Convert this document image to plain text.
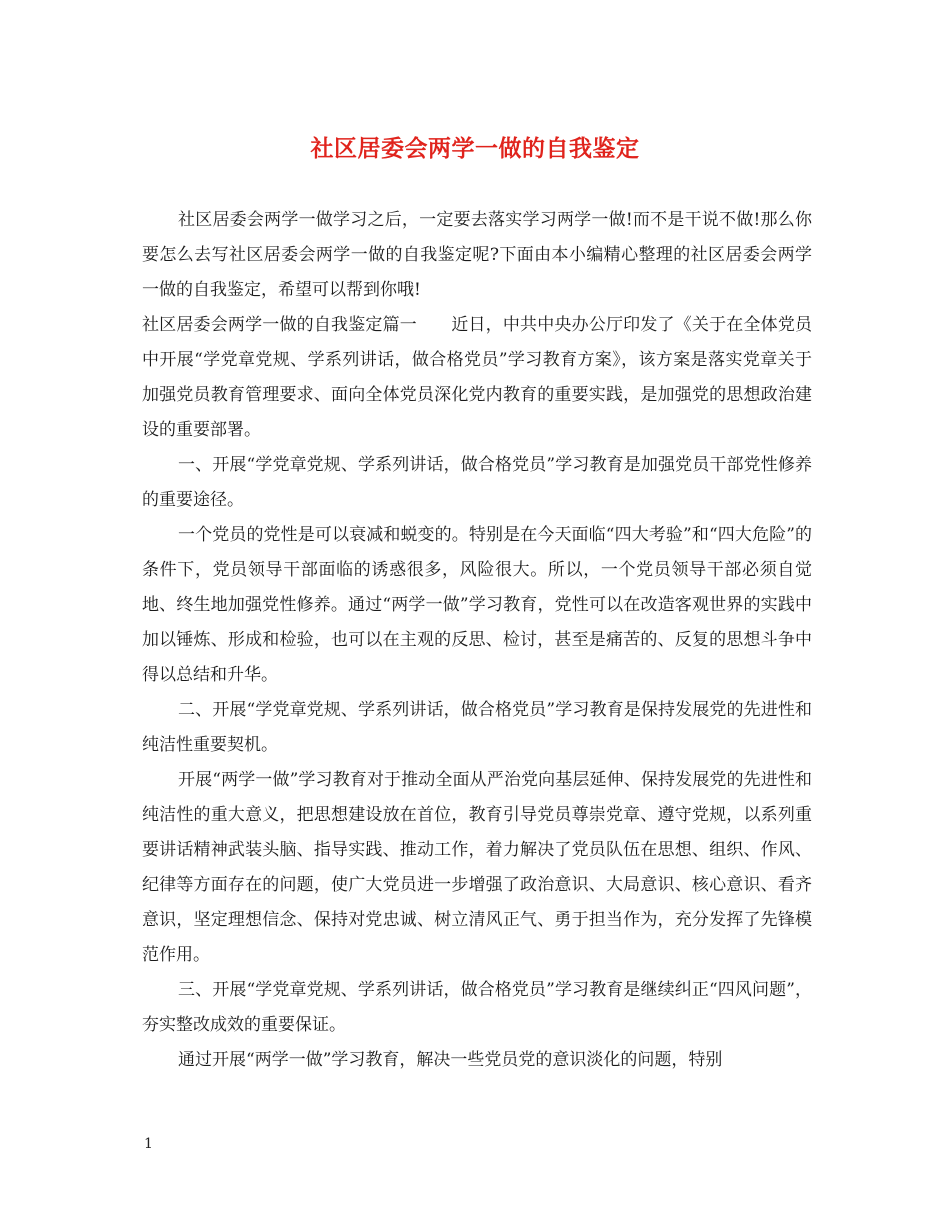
社区居委会两学一做的自我鉴定

社区居委会两学一做学习之后，一定要去落实学习两学一做!而不是干说不做!那么你要怎么去写社区居委会两学一做的自我鉴定呢?下面由本小编精心整理的社区居委会两学一做的自我鉴定，希望可以帮到你哦!

社区居委会两学一做的自我鉴定篇一　　近日，中共中央办公厅印发了《关于在全体党员中开展“学党章党规、学系列讲话，做合格党员”学习教育方案》，该方案是落实党章关于加强党员教育管理要求、面向全体党员深化党内教育的重要实践，是加强党的思想政治建设的重要部署。

一、开展“学党章党规、学系列讲话，做合格党员”学习教育是加强党员干部党性修养的重要途径。

一个党员的党性是可以衰减和蜕变的。特别是在今天面临“四大考验”和“四大危险”的条件下，党员领导干部面临的诱惑很多，风险很大。所以，一个党员领导干部必须自觉地、终生地加强党性修养。通过“两学一做”学习教育，党性可以在改造客观世界的实践中加以锤炼、形成和检验，也可以在主观的反思、检讨，甚至是痛苦的、反复的思想斗争中得以总结和升华。

二、开展“学党章党规、学系列讲话，做合格党员”学习教育是保持发展党的先进性和纯洁性重要契机。

开展“两学一做”学习教育对于推动全面从严治党向基层延伸、保持发展党的先进性和纯洁性的重大意义，把思想建设放在首位，教育引导党员尊崇党章、遵守党规，以系列重要讲话精神武装头脑、指导实践、推动工作，着力解决了党员队伍在思想、组织、作风、纪律等方面存在的问题，使广大党员进一步增强了政治意识、大局意识、核心意识、看齐意识，坚定理想信念、保持对党忠诚、树立清风正气、勇于担当作为，充分发挥了先锋模范作用。

三、开展“学党章党规、学系列讲话，做合格党员”学习教育是继续纠正“四风问题”，夯实整改成效的重要保证。

通过开展“两学一做”学习教育，解决一些党员党的意识淡化的问题，特别

1
